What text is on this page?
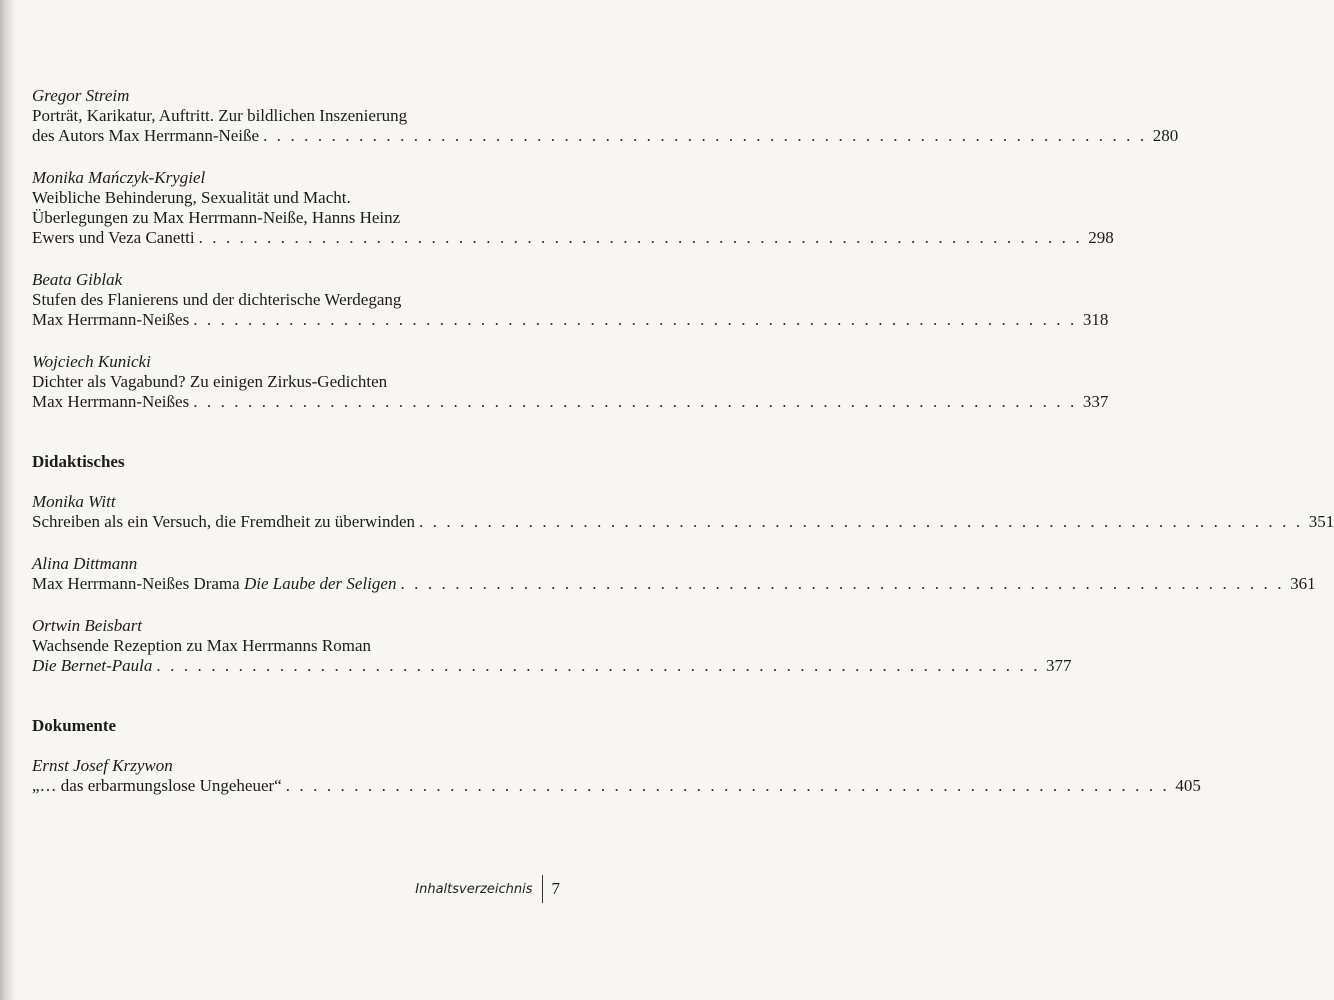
Gregor Streim
Porträt, Karikatur, Auftritt. Zur bildlichen Inszenierung
des Autors Max Herrmann-Neiße . . . . . . . . . . . . . . . . . . . . . . . . . . . . . . . . . . . . . . . . . . . . . . . . . . . . . . . . . . . . . . . . . 280
Monika Mańczyk-Krygiel
Weibliche Behinderung, Sexualität und Macht.
Überlegungen zu Max Herrmann-Neiße, Hanns Heinz
Ewers und Veza Canetti . . . . . . . . . . . . . . . . . . . . . . . . . . . . . . . . . . . . . . . . . . . . . . . . . . . . . . . . . . . . . . . . . 298
Beata Giblak
Stufen des Flanierens und der dichterische Werdegang
Max Herrmann-Neißes . . . . . . . . . . . . . . . . . . . . . . . . . . . . . . . . . . . . . . . . . . . . . . . . . . . . . . . . . . . . . . . . . 318
Wojciech Kunicki
Dichter als Vagabund? Zu einigen Zirkus-Gedichten
Max Herrmann-Neißes . . . . . . . . . . . . . . . . . . . . . . . . . . . . . . . . . . . . . . . . . . . . . . . . . . . . . . . . . . . . . . . . . 337
Didaktisches
Monika Witt
Schreiben als ein Versuch, die Fremdheit zu überwinden . . . . . . . . . . . . . . . . . . . . . . . . . . . . . . . . . . . . . . . . . . . . . . . . . . . . . . . . . . . . . . . . . 351
Alina Dittmann
Max Herrmann-Neißes Drama Die Laube der Seligen . . . . . . . . . . . . . . . . . . . . . . . . . . . . . . . . . . . . . . . . . . . . . . . . . . . . . . . . . . . . . . . . . 361
Ortwin Beisbart
Wachsende Rezeption zu Max Herrmanns Roman
Die Bernet-Paula . . . . . . . . . . . . . . . . . . . . . . . . . . . . . . . . . . . . . . . . . . . . . . . . . . . . . . . . . . . . . . . . . 377
Dokumente
Ernst Josef Krzywon
„… das erbarmungslose Ungeheuer“ . . . . . . . . . . . . . . . . . . . . . . . . . . . . . . . . . . . . . . . . . . . . . . . . . . . . . . . . . . . . . . . . . 405
Inhaltsverzeichnis	7
